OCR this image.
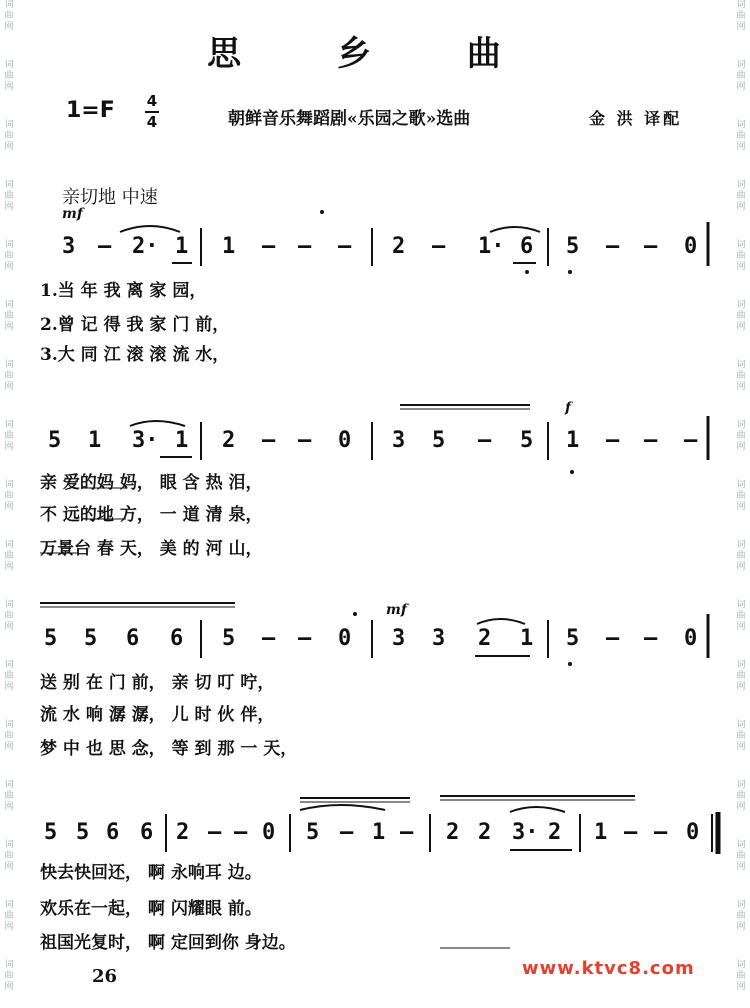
思 乡 曲
1=F 4
4	朝鲜音乐舞蹈剧«乐园之歌»选曲	金 洪 译配
亲切地 中速
mf
f
mf
3 — 2· 1 1 — — — 2 — 1· 6 5 — — 0
1.当 年 我 离 家 园，
2.曾 记 得 我 家 门 前，
3.大 同 江 滚 滚 流 水，
5 1 3· 1 2 — — 0 3 5 — 5 1 — — —
亲 爱的妈 妈， 眼 含 热 泪，
不 远的地 方， 一 道 清 泉，
万景台 春 天， 美 的 河 山，
5 5 6 6 5 — — 0 3 3 2 1 5 — — 0
送 别 在 门 前， 亲 切 叮 咛，
流 水 响 潺 潺， 儿 时 伙 伴，
梦 中 也 思 念， 等 到 那 一 天，
5 5 6 6 2 — — 0 5 — 1 — 2 2 3· 2 1 — — 0
快去快回还， 啊 永响耳 边。
欢乐在一起， 啊 闪耀眼 前。
祖国光复时， 啊 定回到你 身边。
26	www.ktvc8.com
词曲网
词曲网
词曲网
词曲网
词曲网
词曲网
词曲网
词曲网
词曲网
词曲网
词曲网
词曲网
词曲网
词曲网
词曲网
词曲网
词曲网
词曲网
词曲网
词曲网
词曲网
词曲网
词曲网
词曲网
词曲网
词曲网
词曲网
词曲网
词曲网
词曲网
词曲网
词曲网
词曲网
词曲网
